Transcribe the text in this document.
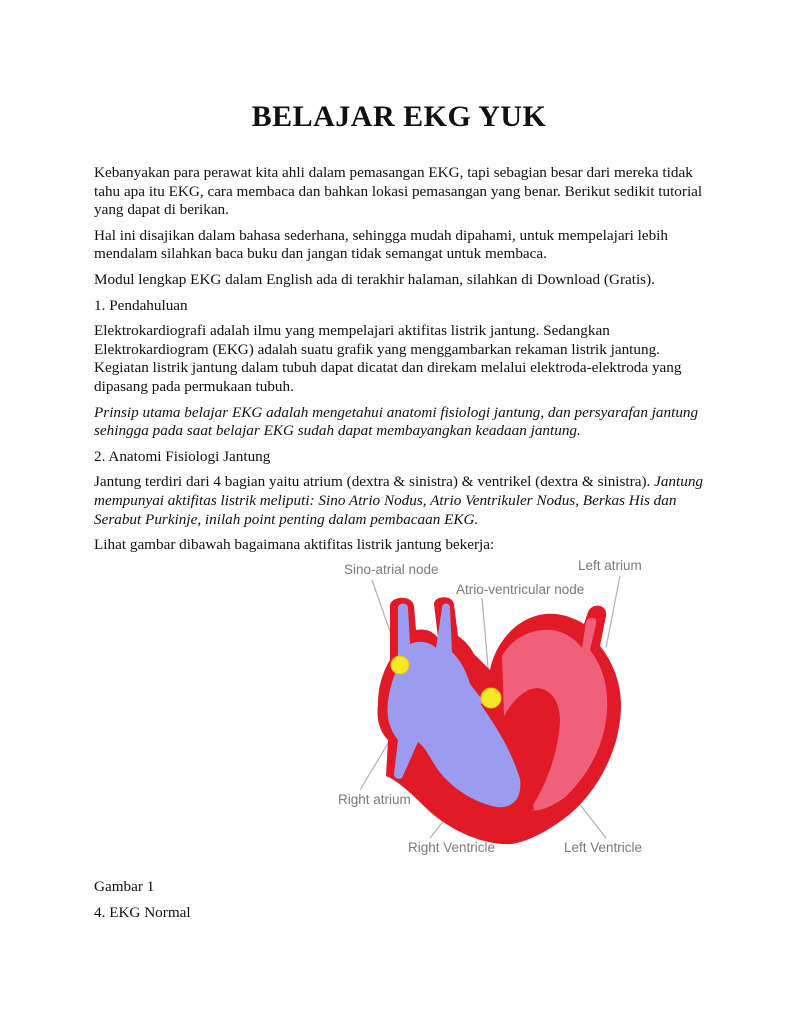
BELAJAR EKG YUK

Kebanyakan para perawat kita ahli dalam pemasangan EKG, tapi sebagian besar dari mereka tidak tahu apa itu EKG, cara membaca dan bahkan lokasi pemasangan yang benar. Berikut sedikit tutorial yang dapat di berikan.

Hal ini disajikan dalam bahasa sederhana, sehingga mudah dipahami, untuk mempelajari lebih mendalam silahkan baca buku dan jangan tidak semangat untuk membaca.

Modul lengkap EKG dalam English ada di terakhir halaman, silahkan di Download (Gratis).

1. Pendahuluan

Elektrokardiografi adalah ilmu yang mempelajari aktifitas listrik jantung. Sedangkan Elektrokardiogram (EKG) adalah suatu grafik yang menggambarkan rekaman listrik jantung. Kegiatan listrik jantung dalam tubuh dapat dicatat dan direkam melalui elektroda-elektroda yang dipasang pada permukaan tubuh.

Prinsip utama belajar EKG adalah mengetahui anatomi fisiologi jantung, dan persyarafan jantung sehingga pada saat belajar EKG sudah dapat membayangkan keadaan jantung.

2. Anatomi Fisiologi Jantung

Jantung terdiri dari 4 bagian yaitu atrium (dextra & sinistra) & ventrikel (dextra & sinistra). Jantung mempunyai aktifitas listrik meliputi: Sino Atrio Nodus, Atrio Ventrikuler Nodus, Berkas His dan Serabut Purkinje, inilah point penting dalam pembacaan EKG.

Lihat gambar dibawah bagaimana aktifitas listrik jantung bekerja:

Sino-atrial node
Atrio-ventricular node
Left atrium
Right atrium
Right Ventricle	Left Ventricle
Gambar 1
4. EKG Normal
